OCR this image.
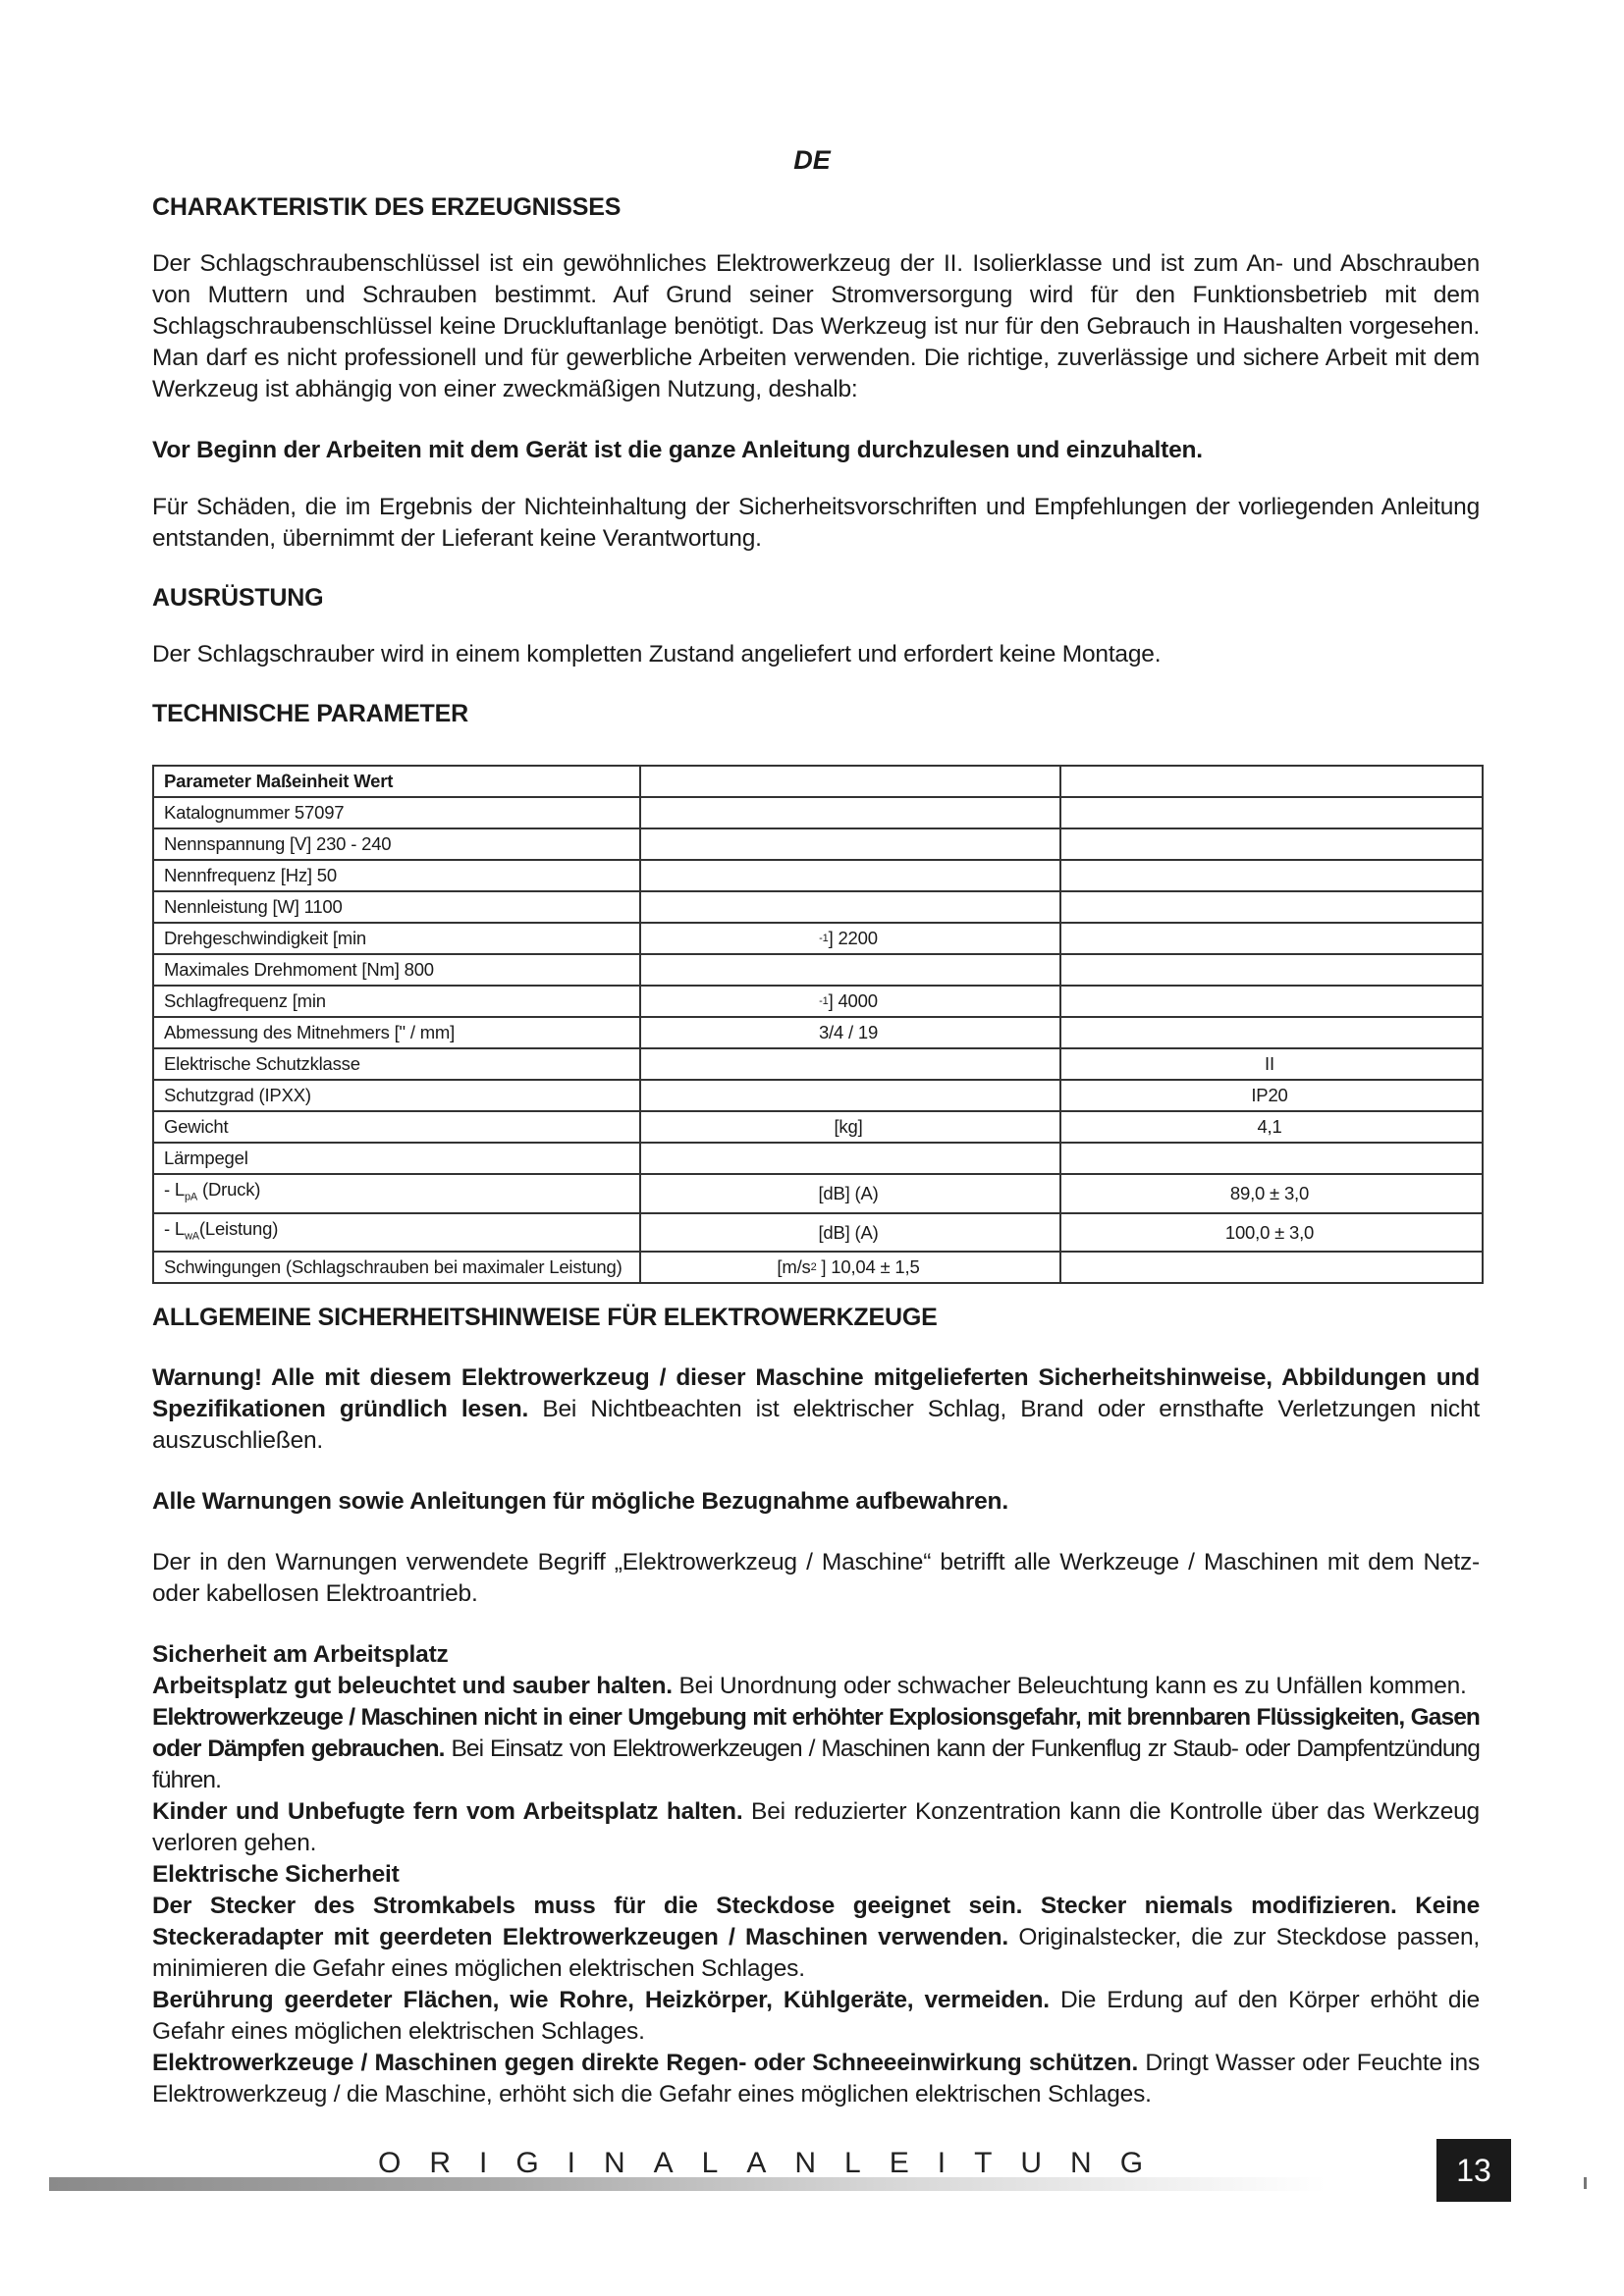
DE
CHARAKTERISTIK DES ERZEUGNISSES

Der Schlagschraubenschlüssel ist ein gewöhnliches Elektrowerkzeug der II. Isolierklasse und ist zum An- und Abschrauben von Muttern und Schrauben bestimmt. Auf Grund seiner Stromversorgung wird für den Funktionsbetrieb mit dem Schlagschraubenschlüssel keine Druckluftanlage benötigt. Das Werkzeug ist nur für den Gebrauch in Haushalten vorgesehen. Man darf es nicht professionell und für gewerbliche Arbeiten verwenden. Die richtige, zuverlässige und sichere Arbeit mit dem Werkzeug ist abhängig von einer zweckmäßigen Nutzung, deshalb:

Vor Beginn der Arbeiten mit dem Gerät ist die ganze Anleitung durchzulesen und einzuhalten.

Für Schäden, die im Ergebnis der Nichteinhaltung der Sicherheitsvorschriften und Empfehlungen der vorliegenden Anleitung entstanden, übernimmt der Lieferant keine Verantwortung.

AUSRÜSTUNG

Der Schlagschrauber wird in einem kompletten Zustand angeliefert und erfordert keine Montage.

TECHNISCHE PARAMETER
Parameter Maßeinheit Wert		
Katalognummer 57097		
Nennspannung [V] 230 - 240		
Nennfrequenz [Hz] 50		
Nennleistung [W] 1100		
Drehgeschwindigkeit [min	$^{-1}$] 2200	
Maximales Drehmoment [Nm] 800		
Schlagfrequenz [min	$^{-1}$] 4000	
Abmessung des Mitnehmers [" / mm]	3/4 / 19	
Elektrische Schutzklasse		II
Schutzgrad (IPXX)		IP20
Gewicht	[kg]	4,1
Lärmpegel		
- $L_{pA}$ (Druck)	[dB] (A)	89,0 ± 3,0
- $L_{wA}(Leistung)$	[dB] (A)	100,0 ± 3,0
Schwingungen (Schlagschrauben bei maximaler Leistung)	[$m/s^2$ ] 10,04 ± 1,5	
ALLGEMEINE SICHERHEITSHINWEISE FÜR ELEKTROWERKZEUGE

Warnung! Alle mit diesem Elektrowerkzeug / dieser Maschine mitgelieferten Sicherheitshinweise, Abbildungen und Spezifikationen gründlich lesen. Bei Nichtbeachten ist elektrischer Schlag, Brand oder ernsthafte Verletzungen nicht auszuschließen.

Alle Warnungen sowie Anleitungen für mögliche Bezugnahme aufbewahren.

Der in den Warnungen verwendete Begriff „Elektrowerkzeug / Maschine“ betrifft alle Werkzeuge / Maschinen mit dem Netz- oder kabellosen Elektroantrieb.

Sicherheit am Arbeitsplatz

Arbeitsplatz gut beleuchtet und sauber halten. Bei Unordnung oder schwacher Beleuchtung kann es zu Unfällen kommen.

Elektrowerkzeuge / Maschinen nicht in einer Umgebung mit erhöhter Explosionsgefahr, mit brennbaren Flüssigkeiten, Gasen oder Dämpfen gebrauchen. Bei Einsatz von Elektrowerkzeugen / Maschinen kann der Funkenflug zr Staub- oder Dampfentzündung führen.

Kinder und Unbefugte fern vom Arbeitsplatz halten. Bei reduzierter Konzentration kann die Kontrolle über das Werkzeug verloren gehen.

Elektrische Sicherheit

Der Stecker des Stromkabels muss für die Steckdose geeignet sein. Stecker niemals modifizieren. Keine Steckeradapter mit geerdeten Elektrowerkzeugen / Maschinen verwenden. Originalstecker, die zur Steckdose passen, minimieren die Gefahr eines möglichen elektrischen Schlages.

Berührung geerdeter Flächen, wie Rohre, Heizkörper, Kühlgeräte, vermeiden. Die Erdung auf den Körper erhöht die Gefahr eines möglichen elektrischen Schlages.

Elektrowerkzeuge / Maschinen gegen direkte Regen- oder Schneeeinwirkung schützen. Dringt Wasser oder Feuchte ins Elektrowerkzeug / die Maschine, erhöht sich die Gefahr eines möglichen elektrischen Schlages.

ORIGINALANLEITUNG	13
